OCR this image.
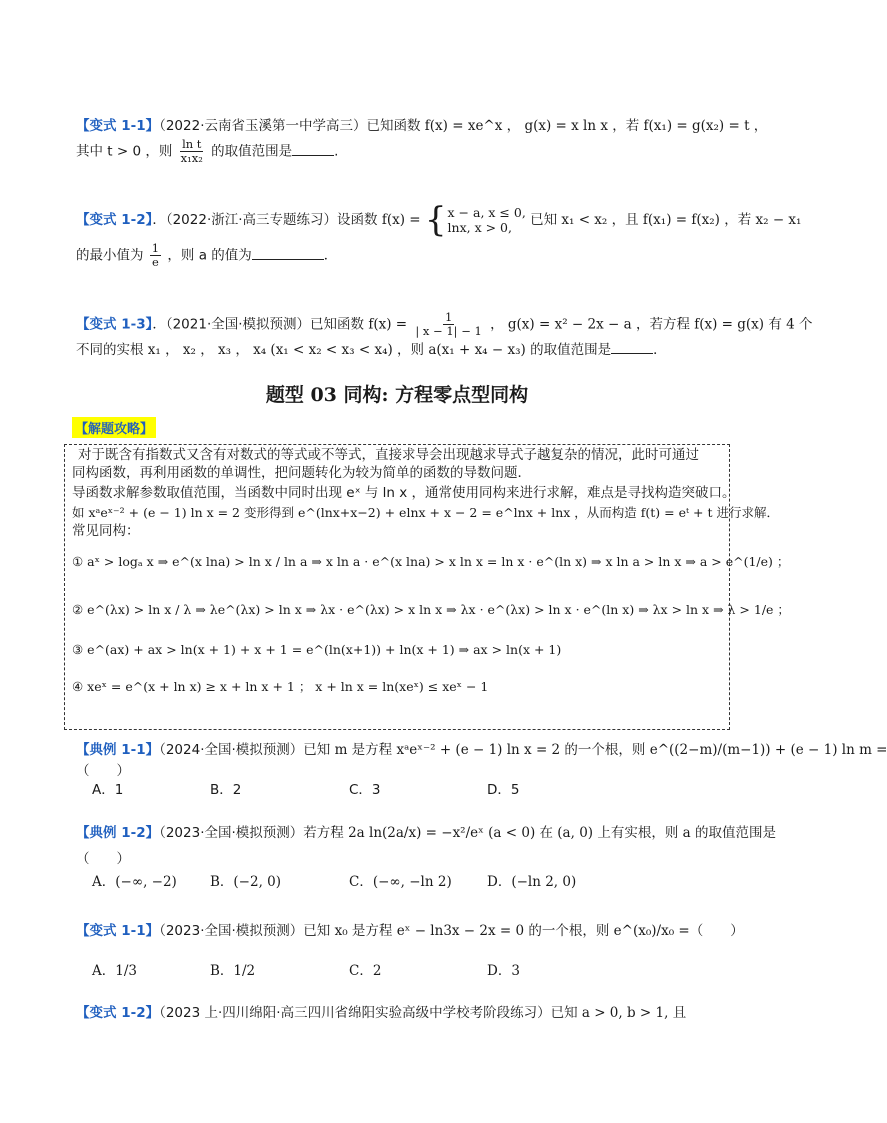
【变式 1-1】（2022·云南省玉溪第一中学高三）已知函数 f(x) = xe^x ， g(x) = x ln x ，若 f(x₁) = g(x₂) = t ，
其中 t > 0 ，则 $\frac{\text{ln t}}{\text{x₁x₂}}$ 的取值范围是	.
【变式 1-2】．（2022·浙江·高三专题练习）设函数 f(x) = { x − a, x ≤ 0,
lnx, x > 0,	已知 x₁ < x₂ ，且 f(x₁) = f(x₂) ，若 x₂ − x₁
的最小值为 $\frac{1}{e}$ ，则 a 的值为	．
【变式 1-3】．（2021·全国·模拟预测）已知函数 $f(x) = \frac{1}{| x - 1| - 1}$ ， g(x) = x² − 2x − a ，若方程 f(x) = g(x) 有 4 个
不同的实根 x₁ ， x₂ ， x₃ ， x₄ (x₁ < x₂ < x₃ < x₄) ，则 a(x₁ + x₄ − x₃) 的取值范围是	．
题型 03 同构: 方程零点型同构
【解题攻略】
对于既含有指数式又含有对数式的等式或不等式，直接求导会出现越求导式子越复杂的情况，此时可通过
同构函数，再利用函数的单调性，把问题转化为较为简单的函数的导数问题．
导函数求解参数取值范围，当函数中同时出现 eˣ 与 ln x ，通常使用同构来进行求解，难点是寻找构造突破口。
如 xᵃeˣ⁻² + (e − 1) ln x = 2 变形得到 e^(lnx+x−2) + elnx + x − 2 = e^lnx + lnx ，从而构造 f(t) = eᵗ + t 进行求解．
常见同构：
① aˣ > logₐ x ⇒ e^(x lna) > ln x / ln a ⇒ x ln a · e^(x lna) > x ln x = ln x · e^(ln x) ⇒ x ln a > ln x ⇒ a > e^(1/e) ；
② e^(λx) > ln x / λ ⇒ λe^(λx) > ln x ⇒ λx · e^(λx) > x ln x ⇒ λx · e^(λx) > ln x · e^(ln x) ⇒ λx > ln x ⇒ λ > 1/e ；
③ e^(ax) + ax > ln(x + 1) + x + 1 = e^(ln(x+1)) + ln(x + 1) ⇒ ax > ln(x + 1)
④ xeˣ = e^(x + ln x) ≥ x + ln x + 1 ； x + ln x = ln(xeˣ) ≤ xeˣ − 1
【典例 1-1】（2024·全国·模拟预测）已知 m 是方程 xᵃeˣ⁻² + (e − 1) ln x = 2 的一个根，则 e^((2−m)/(m−1)) + (e − 1) ln m =
（　　）
A．1	B．2	C．3	D．5
【典例 1-2】（2023·全国·模拟预测）若方程 2a ln(2a/x) = −x²/eˣ (a < 0) 在 (a, 0) 上有实根，则 a 的取值范围是
（　　）
A．(−∞, −2) B．(−2, 0)	C．(−∞, −ln 2)	D．(−ln 2, 0)
【变式 1-1】（2023·全国·模拟预测）已知 x₀ 是方程 eˣ − ln3x − 2x = 0 的一个根，则 e^(x₀)/x₀ =（　　）
A．1/3	B．1/2	C．2	D．3
【变式 1-2】（2023 上·四川绵阳·高三四川省绵阳实验高级中学校考阶段练习）已知 a > 0, b > 1, 且
